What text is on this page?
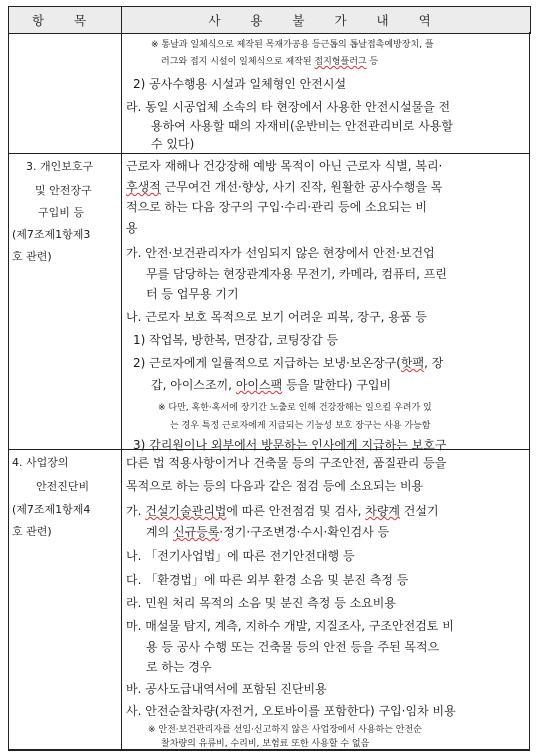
항 목	사 용 불 가 내 역
※ 통날과 일체식으로 제작된 목재가공용 등근톱의 톱날접촉예방장치, 플
러그와 접지 시설이 일체식으로 제작된 접지형플러그 등
2) 공사수행용 시설과 일체형인 안전시설
라. 동일 시공업체 소속의 타 현장에서 사용한 안전시설물을 전
용하여 사용할 때의 자재비(운반비는 안전관리비로 사용할
수 있다)
3. 개인보호구
및 안전장구
구입비 등
(제7조제1항제3
호 관련)
근로자 재해나 건강장해 예방 목적이 아닌 근로자 식별, 복리·
후생적 근무여건 개선·향상, 사기 진작, 원활한 공사수행을 목
적으로 하는 다음 장구의 구입·수리·관리 등에 소요되는 비
용
가. 안전·보건관리자가 선임되지 않은 현장에서 안전·보건업
무를 담당하는 현장관계자용 무전기, 카메라, 컴퓨터, 프린
터 등 업무용 기기
나. 근로자 보호 목적으로 보기 어려운 피복, 장구, 용품 등
1) 작업복, 방한복, 면장갑, 코팅장갑 등
2) 근로자에게 일률적으로 지급하는 보냉·보온장구(핫팩, 장
갑, 아이스조끼, 아이스팩 등을 말한다) 구입비
※ 다만, 혹한·혹서에 장기간 노출로 인해 건강장해는 일으킬 우려가 있
는 경우 특정 근로자에게 지급되는 기능성 보호 장구는 사용 가능함
3) 감리원이나 외부에서 방문하는 인사에게 지급하는 보호구
4. 사업장의
안전진단비
(제7조제1항제4
호 관련)
다른 법 적용사항이거나 건축물 등의 구조안전, 품질관리 등을
목적으로 하는 등의 다음과 같은 점검 등에 소요되는 비용
가. 건설기술관리법에 따른 안전점검 및 검사, 차량계 건설기
계의 신규등록·정기·구조변경·수시·확인검사 등
나. 「전기사업법」에 따른 전기안전대행 등
다. 「환경법」에 따른 외부 환경 소음 및 분진 측정 등
라. 민원 처리 목적의 소음 및 분진 측정 등 소요비용
마. 매설물 탐지, 계측, 지하수 개발, 지질조사, 구조안전검토 비
용 등 공사 수행 또는 건축물 등의 안전 등을 주된 목적으
로 하는 경우
바. 공사도급내역서에 포함된 진단비용
사. 안전순찰차량(자전거, 오토바이를 포함한다) 구입·임차 비용
※ 안전·보건관리자를 선임·신고하지 않은 사업장에서 사용하는 안전순
찰차량의 유류비, 수리비, 보험료 또한 사용할 수 없음
